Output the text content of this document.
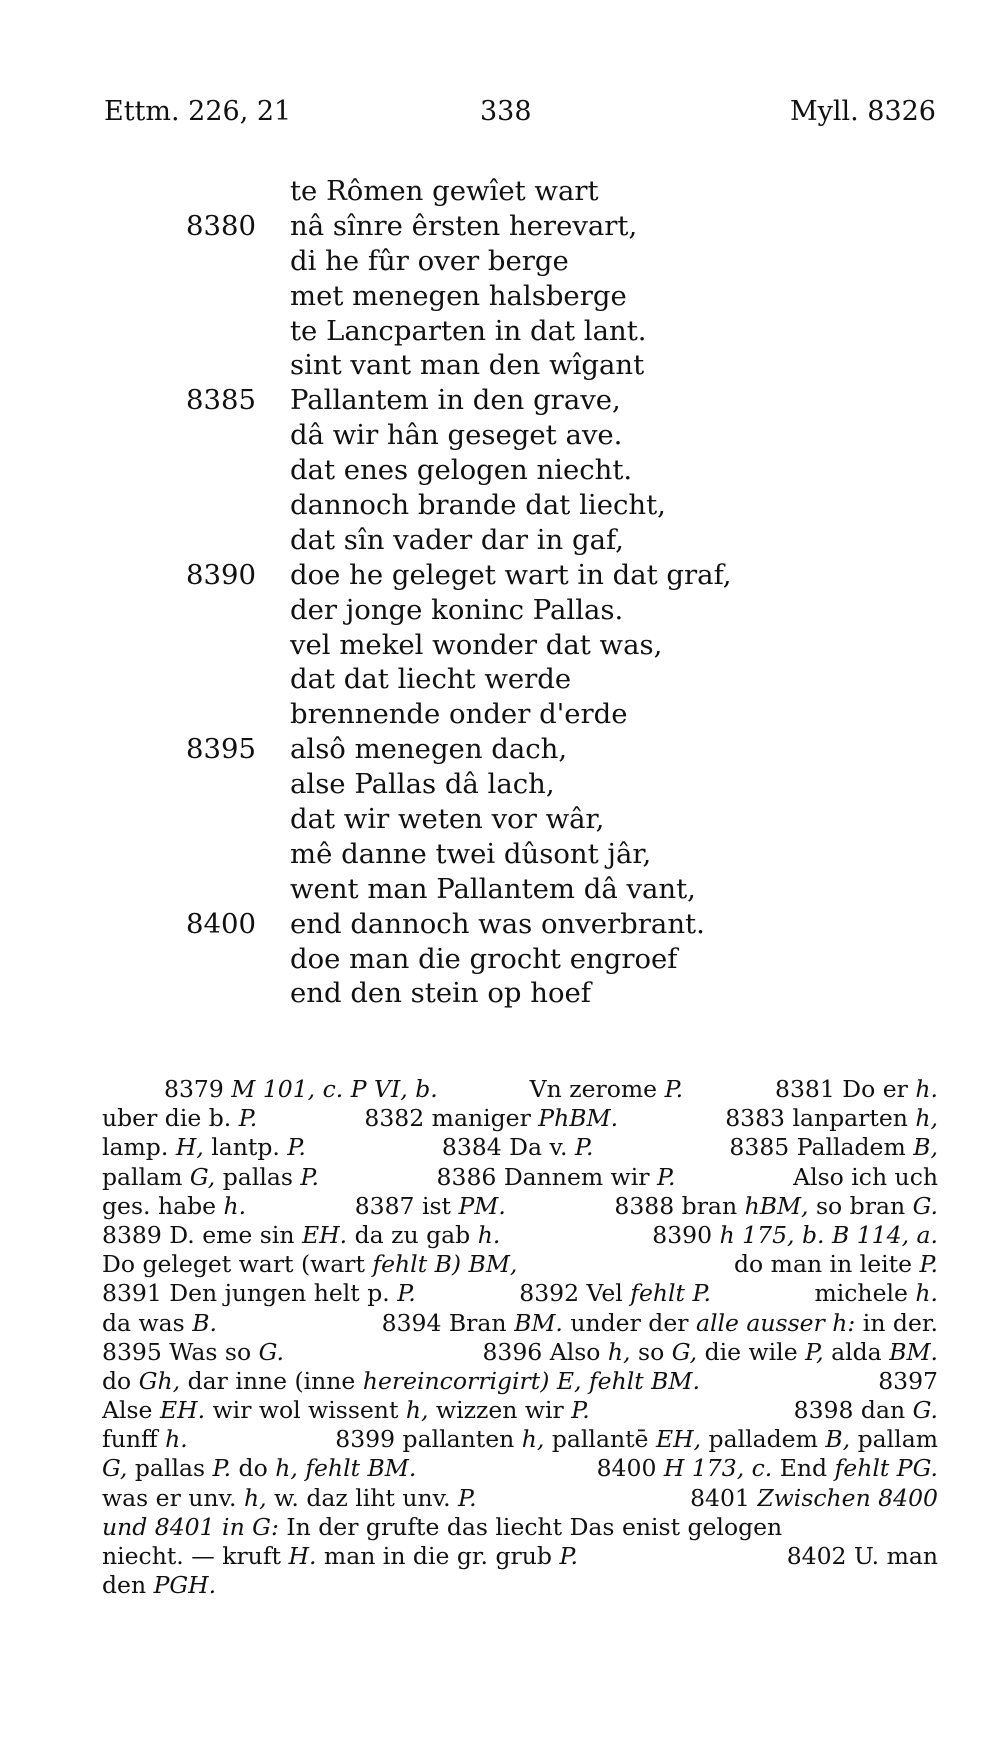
Ettm. 226, 21	338	Myll. 8326
te Rômen gewîet wart
8380	nâ sînre êrsten herevart,
di he fûr over berge
met menegen halsberge
te Lancparten in dat lant.
sint vant man den wîgant
8385	Pallantem in den grave,
dâ wir hân geseget ave.
dat enes gelogen niecht.
dannoch brande dat liecht,
dat sîn vader dar in gaf,
8390	doe he geleget wart in dat graf,
der jonge koninc Pallas.
vel mekel wonder dat was,
dat dat liecht werde
brennende onder d'erde
8395	alsô menegen dach,
alse Pallas dâ lach,
dat wir weten vor wâr,
mê danne twei dûsont jâr,
went man Pallantem dâ vant,
8400	end dannoch was onverbrant.
doe man die grocht engroef
end den stein op hoef
8379 M 101, c. P VI, b.	Vn zerome P.	8381 Do er h.
uber die b. P.	8382 maniger PhBM.	8383 lanparten h,
lamp. H, lantp. P.	8384 Da v. P.	8385 Palladem B,
pallam G, pallas P.	8386 Dannem wir P.	Also ich uch
ges. habe h.	8387 ist PM.	8388 bran hBM, so bran G.
8389 D. eme sin EH. da zu gab h.	8390 h 175, b. B 114, a.
Do geleget wart (wart fehlt B) BM,	do man in leite P.
8391 Den jungen helt p. P.	8392 Vel fehlt P.	michele h.
da was B.	8394 Bran BM. under der alle ausser h: in der.
8395 Was so G.	8396 Also h, so G, die wile P, alda BM.
do Gh, dar inne (inne hereincorrigirt) E, fehlt BM.	8397
Alse EH. wir wol wissent h, wizzen wir P.	8398 dan G.
funff h.	8399 pallanten h, pallantē EH, palladem B, pallam
G, pallas P. do h, fehlt BM.	8400 H 173, c. End fehlt PG.
was er unv. h, w. daz liht unv. P.	8401 Zwischen 8400
und 8401 in G: In der grufte das liecht Das enist gelogen
niecht. — kruft H. man in die gr. grub P.	8402 U. man
den PGH.
